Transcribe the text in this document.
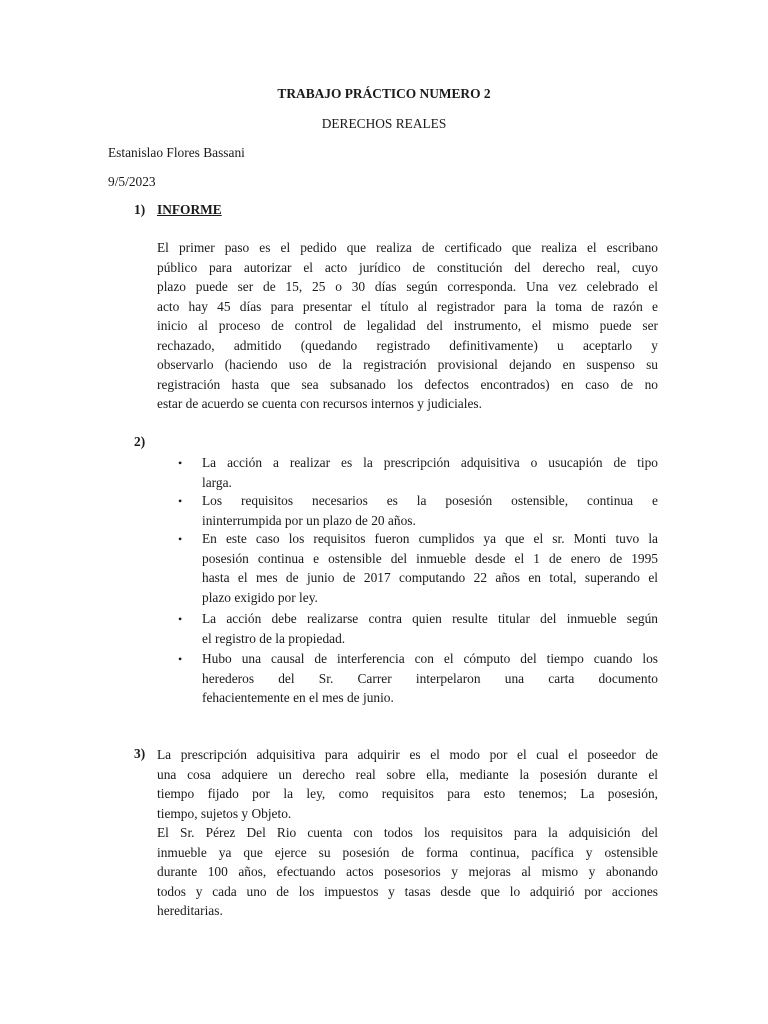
TRABAJO PRÁCTICO NUMERO 2

DERECHOS REALES

Estanislao Flores Bassani

9/5/2023

1) INFORME

El primer paso es el pedido que realiza de certificado que realiza el escribano
público para autorizar el acto jurídico de constitución del derecho real, cuyo
plazo puede ser de 15, 25 o 30 días según corresponda. Una vez celebrado el
acto hay 45 días para presentar el título al registrador para la toma de razón e
inicio al proceso de control de legalidad del instrumento, el mismo puede ser
rechazado, admitido (quedando registrado definitivamente) u aceptarlo y
observarlo (haciendo uso de la registración provisional dejando en suspenso su
registración hasta que sea subsanado los defectos encontrados) en caso de no
estar de acuerdo se cuenta con recursos internos y judiciales.

2)

• La acción a realizar es la prescripción adquisitiva o usucapión de tipo
larga.
• Los requisitos necesarios es la posesión ostensible, continua e
ininterrumpida por un plazo de 20 años.
• En este caso los requisitos fueron cumplidos ya que el sr. Monti tuvo la
posesión continua e ostensible del inmueble desde el 1 de enero de 1995
hasta el mes de junio de 2017 computando 22 años en total, superando el
plazo exigido por ley.
• La acción debe realizarse contra quien resulte titular del inmueble según
el registro de la propiedad.
• Hubo una causal de interferencia con el cómputo del tiempo cuando los
herederos del Sr. Carrer interpelaron una carta documento
fehacientemente en el mes de junio.

3) La prescripción adquisitiva para adquirir es el modo por el cual el poseedor de
una cosa adquiere un derecho real sobre ella, mediante la posesión durante el
tiempo fijado por la ley, como requisitos para esto tenemos; La posesión,
tiempo, sujetos y Objeto.
El Sr. Pérez Del Rio cuenta con todos los requisitos para la adquisición del
inmueble ya que ejerce su posesión de forma continua, pacífica y ostensible
durante 100 años, efectuando actos posesorios y mejoras al mismo y abonando
todos y cada uno de los impuestos y tasas desde que lo adquirió por acciones
hereditarias.
